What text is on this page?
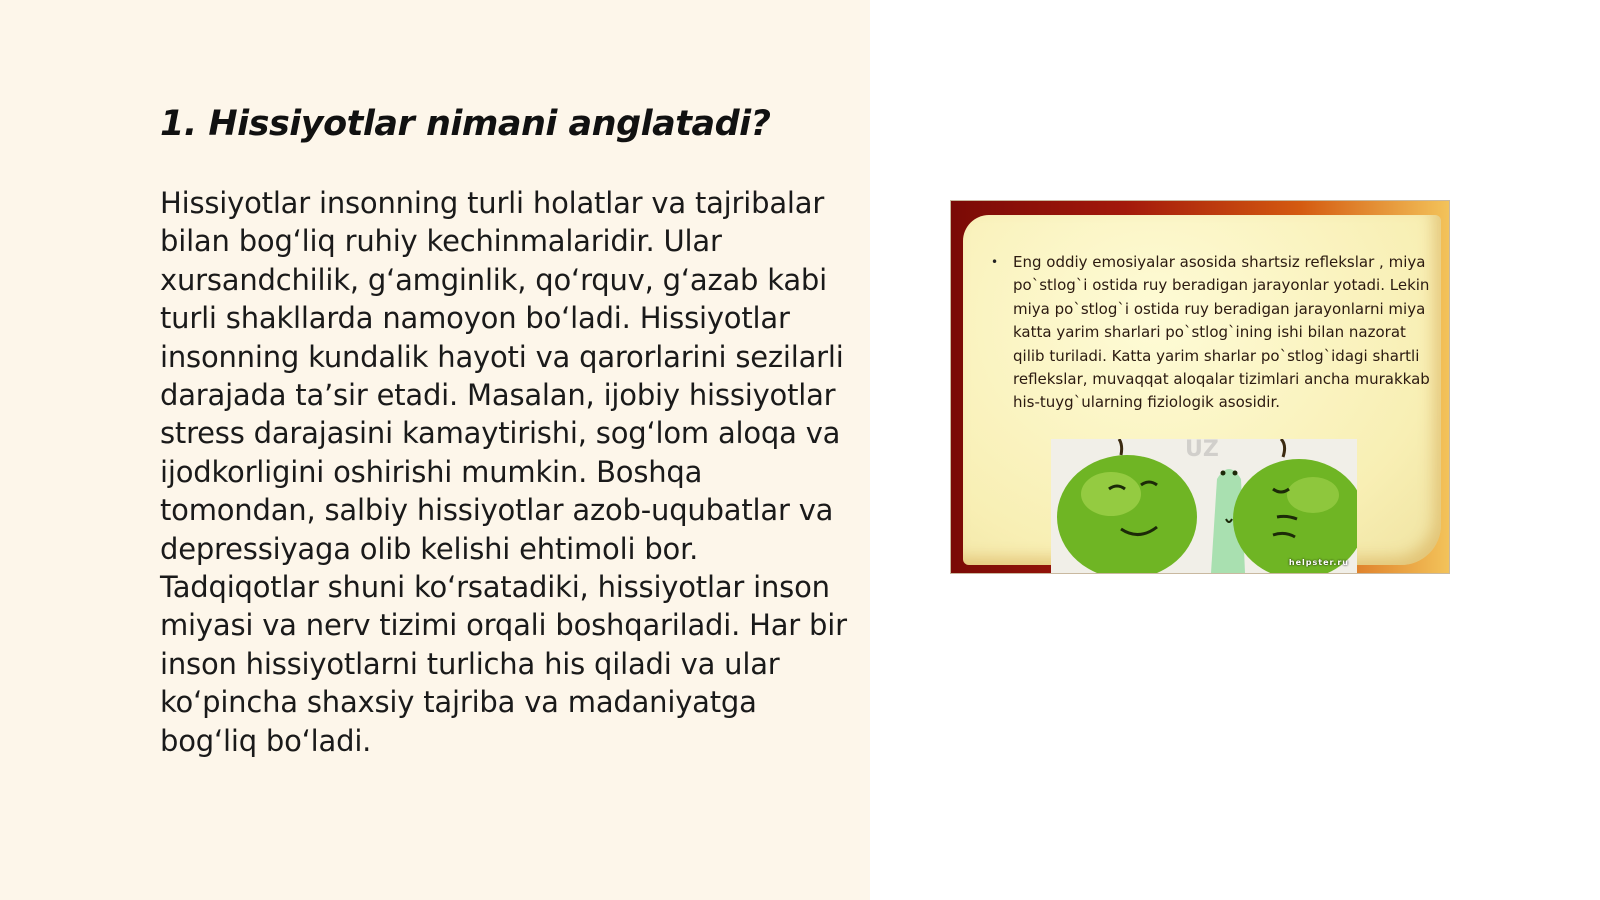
1. Hissiyotlar nimani anglatadi?

Hissiyotlar insonning turli holatlar va tajribalar bilan bog‘liq ruhiy kechinmalaridir. Ular xursandchilik, g‘amginlik, qo‘rquv, g‘azab kabi turli shakllarda namoyon bo‘ladi. Hissiyotlar insonning kundalik hayoti va qarorlarini sezilarli darajada ta’sir etadi. Masalan, ijobiy hissiyotlar stress darajasini kamaytirishi, sog‘lom aloqa va ijodkorligini oshirishi mumkin. Boshqa tomondan, salbiy hissiyotlar azob-uqubatlar va depressiyaga olib kelishi ehtimoli bor. Tadqiqotlar shuni ko‘rsatadiki, hissiyotlar inson miyasi va nerv tizimi orqali boshqariladi. Har bir inson hissiyotlarni turlicha his qiladi va ular ko‘pincha shaxsiy tajriba va madaniyatga bog‘liq bo‘ladi.

• Eng oddiy emosiyalar asosida shartsiz reflekslar , miya po`stlog`i ostida ruy beradigan jarayonlar yotadi. Lekin miya po`stlog`i ostida ruy beradigan jarayonlarni miya katta yarim sharlari po`stlog`ining ishi bilan nazorat qilib turiladi. Katta yarim sharlar po`stlog`idagi shartli reflekslar, muvaqqat aloqalar tizimlari ancha murakkab his-tuyg`ularning fiziologik asosidir.

helpster.ru
UZ
